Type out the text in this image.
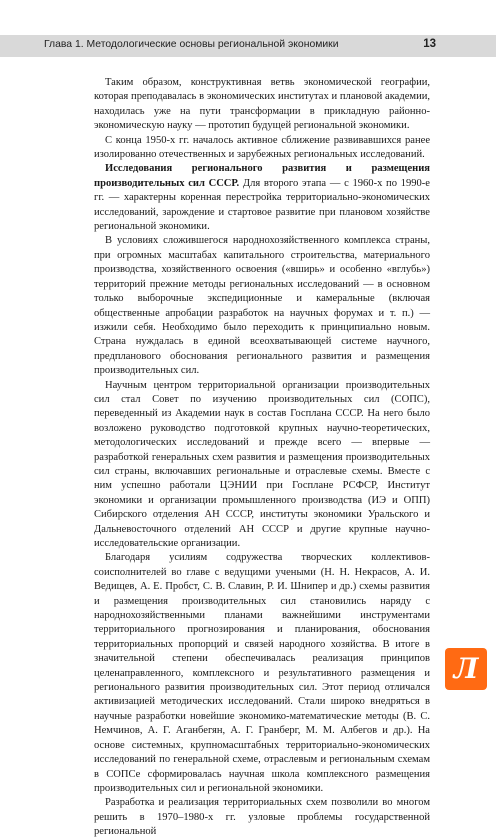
Глава 1. Методологические основы региональной экономики	13

Таким образом, конструктивная ветвь экономической географии, которая преподавалась в экономических институтах и плановой академии, находилась уже на пути трансформации в прикладную районно-экономическую науку — прототип будущей региональной экономики.

С конца 1950-х гг. началось активное сближение развивавшихся ранее изолированно отечественных и зарубежных региональных исследований.

Исследования регионального развития и размещения производительных сил СССР. Для второго этапа — с 1960-х по 1990-е гг. — характерны коренная перестройка территориально-экономических исследований, зарождение и стартовое развитие при плановом хозяйстве региональной экономики.

В условиях сложившегося народнохозяйственного комплекса страны, при огромных масштабах капитального строительства, материального производства, хозяйственного освоения («вширь» и особенно «вглубь») территорий прежние методы региональных исследований — в основном только выборочные экспедиционные и камеральные (включая общественные апробации разработок на научных форумах и т. п.) — изжили себя. Необходимо было переходить к принципиально новым. Страна нуждалась в единой всеохватывающей системе научного, предпланового обоснования регионального развития и размещения производительных сил.

Научным центром территориальной организации производительных сил стал Совет по изучению производительных сил (СОПС), переведенный из Академии наук в состав Госплана СССР. На него было возложено руководство подготовкой крупных научно-теоретических, методологических исследований и прежде всего — впервые — разработкой генеральных схем развития и размещения производительных сил страны, включавших региональные и отраслевые схемы. Вместе с ним успешно работали ЦЭНИИ при Госплане РСФСР, Институт экономики и организации промышленного производства (ИЭ и ОПП) Сибирского отделения АН СССР, институты экономики Уральского и Дальневосточного отделений АН СССР и другие крупные научно-исследовательские организации.

Благодаря усилиям содружества творческих коллективов-соисполнителей во главе с ведущими учеными (Н. Н. Некрасов, А. И. Ведищев, А. Е. Пробст, С. В. Славин, Р. И. Шнипер и др.) схемы развития и размещения производительных сил становились наряду с народнохозяйственными планами важнейшими инструментами территориального прогнозирования и планирования, обоснования территориальных пропорций и связей народного хозяйства. В итоге в значительной степени обеспечивалась реализация принципов целенаправленного, комплексного и результативного размещения и регионального развития производительных сил. Этот период отличался активизацией методических исследований. Стали широко внедряться в научные разработки новейшие экономико-математические методы (В. С. Немчинов, А. Г. Аганбегян, А. Г. Гранберг, М. М. Албегов и др.). На основе системных, крупномасштабных территориально-экономических исследований по генеральной схеме, отраслевым и региональным схемам в СОПСе сформировалась научная школа комплексного размещения производительных сил и региональной экономики.

Разработка и реализация территориальных схем позволили во многом решить в 1970–1980-х гг. узловые проблемы государственной региональной

Л
